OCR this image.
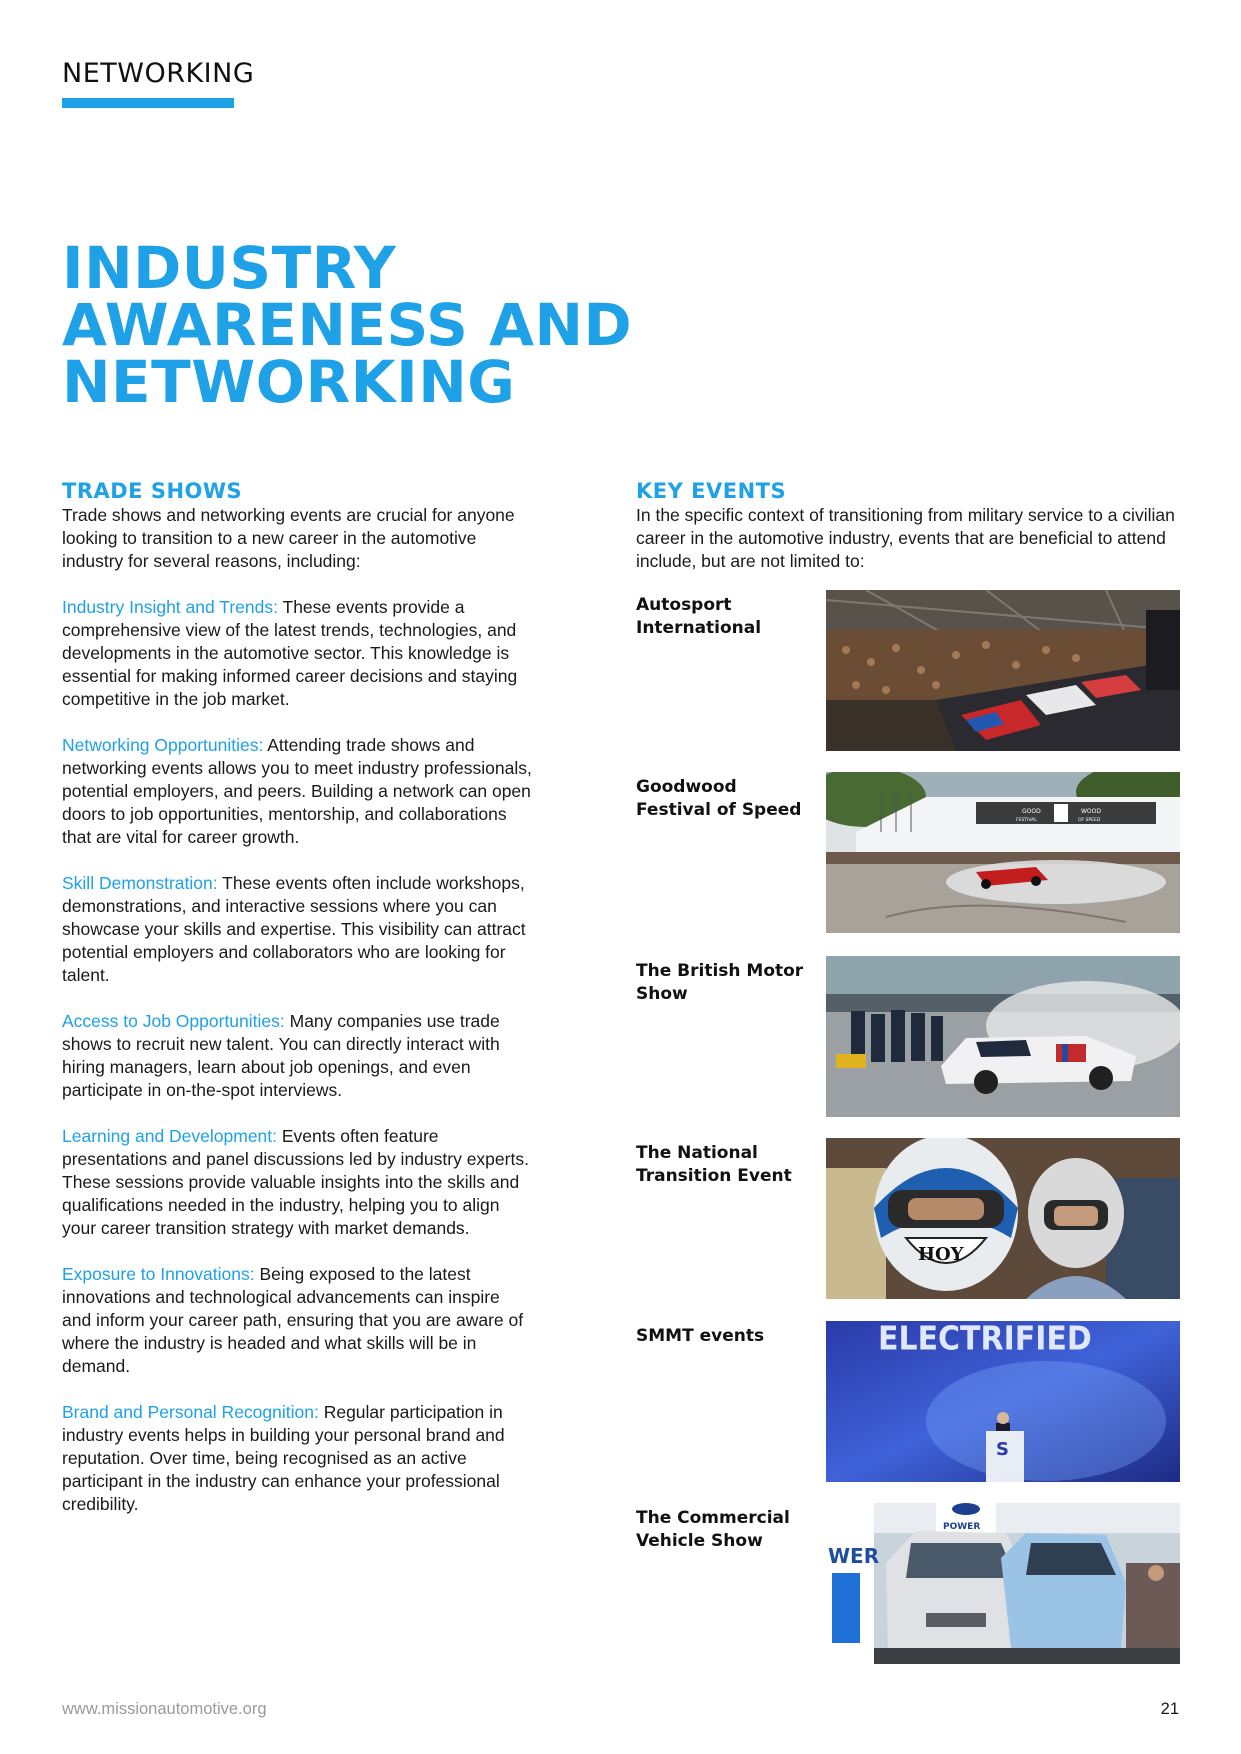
NETWORKING
INDUSTRY
AWARENESS AND
NETWORKING
TRADE SHOWS

Trade shows and networking events are crucial for anyone looking to transition to a new career in the automotive industry for several reasons, including:

Industry Insight and Trends: These events provide a comprehensive view of the latest trends, technologies, and developments in the automotive sector. This knowledge is essential for making informed career decisions and staying competitive in the job market.

Networking Opportunities: Attending trade shows and networking events allows you to meet industry professionals, potential employers, and peers. Building a network can open doors to job opportunities, mentorship, and collaborations that are vital for career growth.

Skill Demonstration: These events often include workshops, demonstrations, and interactive sessions where you can showcase your skills and expertise. This visibility can attract potential employers and collaborators who are looking for talent.

Access to Job Opportunities: Many companies use trade shows to recruit new talent. You can directly interact with hiring managers, learn about job openings, and even participate in on-the-spot interviews.

Learning and Development: Events often feature presentations and panel discussions led by industry experts. These sessions provide valuable insights into the skills and qualifications needed in the industry, helping you to align your career transition strategy with market demands.

Exposure to Innovations: Being exposed to the latest innovations and technological advancements can inspire and inform your career path, ensuring that you are aware of where the industry is headed and what skills will be in demand.

Brand and Personal Recognition: Regular participation in industry events helps in building your personal brand and reputation. Over time, being recognised as an active participant in the industry can enhance your professional credibility.

KEY EVENTS

In the specific context of transitioning from military service to a civilian career in the automotive industry, events that are beneficial to attend include, but are not limited to:

Autosport International
Goodwood Festival of Speed	GOOD	WOOD
FESTIVAL	OF SPEED
The British Motor Show
The National Transition Event
HOY
SMMT events	ELECTRIFIED
S
SMMT
The Commercial Vehicle Show
WER
POWER
www.missionautomotive.org	21
